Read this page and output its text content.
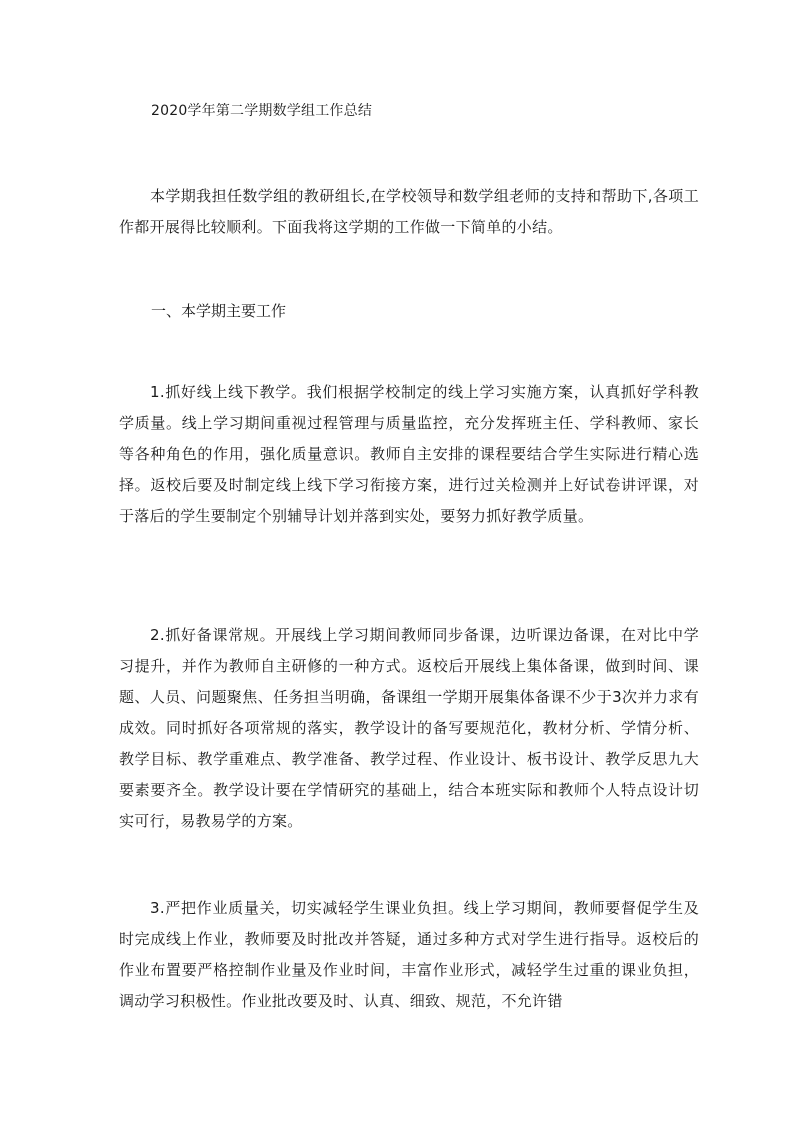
2020学年第二学期数学组工作总结

本学期我担任数学组的教研组长,在学校领导和数学组老师的支持和帮助下,各项工作都开展得比较顺利。下面我将这学期的工作做一下简单的小结。

一、本学期主要工作

1.抓好线上线下教学。我们根据学校制定的线上学习实施方案，认真抓好学科教学质量。线上学习期间重视过程管理与质量监控，充分发挥班主任、学科教师、家长等各种角色的作用，强化质量意识。教师自主安排的课程要结合学生实际进行精心选择。返校后要及时制定线上线下学习衔接方案，进行过关检测并上好试卷讲评课，对于落后的学生要制定个别辅导计划并落到实处，要努力抓好教学质量。

2.抓好备课常规。开展线上学习期间教师同步备课，边听课边备课，在对比中学习提升，并作为教师自主研修的一种方式。返校后开展线上集体备课，做到时间、课题、人员、问题聚焦、任务担当明确，备课组一学期开展集体备课不少于3次并力求有成效。同时抓好各项常规的落实，教学设计的备写要规范化，教材分析、学情分析、教学目标、教学重难点、教学准备、教学过程、作业设计、板书设计、教学反思九大要素要齐全。教学设计要在学情研究的基础上，结合本班实际和教师个人特点设计切实可行，易教易学的方案。

3.严把作业质量关，切实减轻学生课业负担。线上学习期间，教师要督促学生及时完成线上作业，教师要及时批改并答疑，通过多种方式对学生进行指导。返校后的作业布置要严格控制作业量及作业时间，丰富作业形式，减轻学生过重的课业负担，调动学习积极性。作业批改要及时、认真、细致、规范，不允许错
